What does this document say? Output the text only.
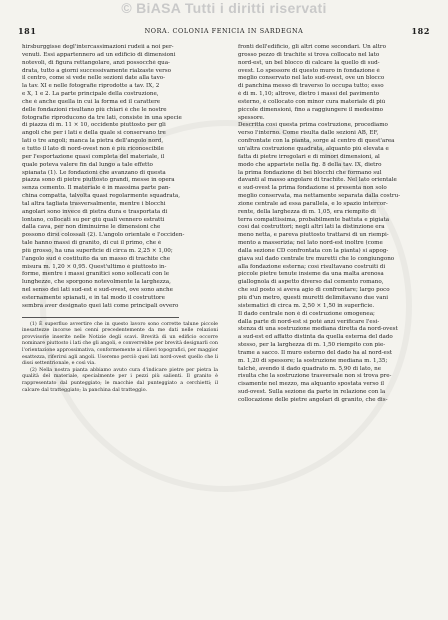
© BiASA Tutti i diritti riservati
181	NORA. COLONIA FENICIA IN SARDEGNA	182
hirsburggisse degl'intercassimazioni rudeii a noi per-
venuti. Essi appartennero ad un edificio di dimensioni
notevoli, di figura rettangolare, anzi possocchè qua-
drata, tutto a giorni successivamente rialzaste verso
il centro, come si vede nelle sezioni date alla tavo-
la tav. XI e nelle fotografie riprodotte a tav. IX, 2
e X, 1 e 2. La parte principale della costruzione,
che è anche quella in cui la forma ed il carattere
delle fondazioni risultano più chiari è che le nostre
fotografie riproducono da tre lati, consiste in una specie
di piazza di m. 11 × 10, occidente piuttosto per gli
angoli che per i lati e della quale si conservano tre
lati o tre angoli; manca la pietra dell'angolo nord,
e tutto il lato di nord-ovest non è più riconoscibile
per l'esportazione quasi completa del materiale, il
quale poteva valere fin dal lungo a tale effetto
spianata (1). Le fondazioni che avanzano di questa
piazza sono di pietre piuttosto grandi, messe in opera
senza cemento. Il materiale è in massima parte pan-
china compatta, talvolta quasi regolarmente squadrata,
tal altra tagliata trasversalmente, mentre i blocchi
angolari sono invece di pietra dura e trasportata di
lontano, collocati su per giù quali vennero estratti
dalla cava, per non diminuirne le dimensioni che
possono dirsi colossali (2). L'angolo orientale e l'occiden-
tale hanno massi di granito, di cui il primo, che è
più grosso, ha una superficie di circa m. 2,25 × 1,00;
l'angolo sud è costituito da un masso di trachite che
misura m. 1,20 × 0,95. Quest'ultimo è piuttosto in-
forme, mentre i massi granitici sono sollecati con le
lunghezze, che sporgono notevolmente la larghezza,
nel senso dei lati sud-est e sud-ovest, ove sono anche
esternamente spianati, e in tal modo il costruttore
sembra aver designato quei lati come principali ovvero

(1) È superfluo avvertire che in questo lavoro sono corrette talune piccole inesattezze incorse nei cenni precedentemente da me dati nelle relazioni provvisorie inserite nelle Notizie degli scavi. Brevità di un edificio occorre nominare piuttosto i lati che gli angoli, e converrebbe per brevità designarli con l'orientazione approssimativa, conformemente ai rilievi topografici, per maggior esattezza, riferirsi agli angoli. Useremo perciò quei lati nord-ovest quello che li dissi settentrionale, e così via.

(2) Nella nostra pianta abbiamo avuto cura d'indicare pietre per pietra la qualità del materiale, specialmente per i pezzi più salienti. Il granito è rappresentato dal punteggiato; le macchie dal punteggiato a cerchietti; il calcare dal tratteggiato; la panchina dal tratteggio.

fronti dell'edificio, gli altri come secondari. Un altro
grosso pezzo di trachite si trova collocato nel lato
nord-est, un bel blocco di calcare la quello di sud-
ovest. Lo spessore di questo muro in fondazione è
meglio conservato nel lato sud-ovest, ove un blocco
di panchina messo di traverso lo occupa tutto; esso
è di m. 1,10; altrove, dietro i massi del pavimento
esterno, è collocato con minor cura materiale di più
piccole dimensioni, fino a raggiungere il medesimo
spessore.
Descritta così questa prima costruzione, procediamo
verso l'interno. Come risulta dalle sezioni AB, EF,
confrontate con la pianta, sorge al centro di quest'area
un'altra costruzione quadrata, alquanto più elevata e
fatta di pietre irregolari e di minori dimensioni, al
modo che appariste nella fig. 8 della tav. IX, dietro
la prima fondazione di bei blocchi che formano sul
davanti al masso angolare di trachite. Nel lato orientale
e sud-ovest la prima fondazione si presenta non solo
meglio conservata, ma nettamente separata dalla costru-
zione centrale ad essa parallela, e lo spazio intercor-
rente, della larghezza di m. 1,05, era riempito di
terra compattissima, probabilmente battuta e pigiata
così dai costruttori; negli altri lati la distinzione era
meno netta, e pareva piuttosto trattarsi di un riempi-
mento a masserizia; nel lato nord-est inoltre (come
dalla sezione CD confrontata con la pianta) si appog-
giava sul dado centrale tre muretti che lo congiungono
alla fondazione esterna; così risultavano costruiti di
piccole pietre tenute insieme da una malta arenosa
giallognola di aspetto diverso dal cemento romano,
che sul posto si aveva agio di confrontare; largo poco
più d'un metro, questi muretti delimitavano due vani
sistematici di circa m. 2,50 × 1,50 in superficie.
Il dado centrale non è di costruzione omogenea;
dalla parte di nord-est si potè anzi verificare l'esi-
stenza di una sostruzione mediana diretta da nord-ovest
a sud-est ed affatto distinta da quella esterna del dado
stesso, per la larghezza di m. 1,50 riempito con pie-
trame a sacco. Il muro esterno del dado ha al nord-est
m. 1,20 di spessore; la sostruzione mediana m. 1,35;
talchè, avendo il dado quadrato m. 5,90 di lato, ne
risulta che la sostruzione trasversale non si trova pre-
cisamente nel mezzo, ma alquanto spostata verso il
sud-ovest. Sulla sezione da parte in relazione con la
collocazione delle pietre angolari di granito, che dis-
